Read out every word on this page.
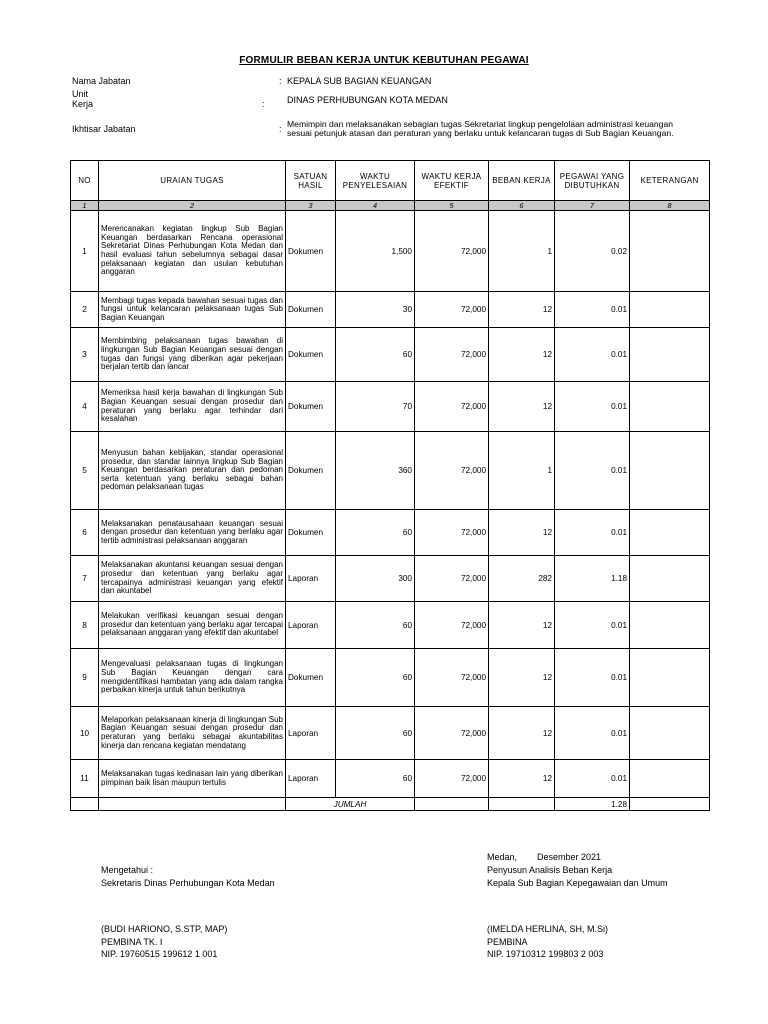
FORMULIR BEBAN KERJA UNTUK KEBUTUHAN PEGAWAI
Nama Jabatan	: KEPALA SUB BAGIAN KEUANGAN
Unit
Kerja	: DINAS PERHUBUNGAN KOTA MEDAN
Ikhtisar Jabatan	: Memimpin dan melaksanakan sebagian tugas Sekretariat lingkup pengelolaan administrasi keuangan
sesuai petunjuk atasan dan peraturan yang berlaku untuk kelancaran tugas di Sub Bagian Keuangan.
NO	URAIAN TUGAS	SATUAN HASIL	WAKTU PENYELESAIAN	WAKTU KERJA EFEKTIF	BEBAN KERJA	PEGAWAI YANG DIBUTUHKAN	KETERANGAN
1	2	3	4	5	6	7	8
1	Merencanakan kegiatan lingkup Sub Bagian Keuangan berdasarkan Rencana operasional Sekretariat Dinas Perhubungan Kota Medan dan hasil evaluasi tahun sebelumnya sebagai dasar pelaksanaan kegiatan dan usulan kebutuhan anggaran	Dokumen	1,500	72,000	1	0.02	
2	Membagi tugas kepada bawahan sesuai tugas dan fungsi untuk kelancaran pelaksanaan tugas Sub Bagian Keuangan	Dokumen	30	72,000	12	0.01	
3	Membimbing pelaksanaan tugas bawahan di lingkungan Sub Bagian Keuangan sesuai dengan tugas dan fungsi yang diberikan agar pekerjaan berjalan tertib dan lancar	Dokumen	60	72,000	12	0.01	
4	Memeriksa hasil kerja bawahan di lingkungan Sub Bagian Keuangan sesuai dengan prosedur dan peraturan yang berlaku agar terhindar dari kesalahan	Dokumen	70	72,000	12	0.01	
5	Menyusun bahan kebijakan, standar operasional prosedur, dan standar lainnya lingkup Sub Bagian Keuangan berdasarkan peraturan dan pedoman serta ketentuan yang berlaku sebagai bahan pedoman pelaksanaan tugas	Dokumen	360	72,000	1	0.01	
6	Melaksanakan penatausahaan keuangan sesuai dengan prosedur dan ketentuan yang berlaku agar tertib administrasi pelaksanaan anggaran	Dokumen	60	72,000	12	0.01	
7	Melaksanakan akuntansi keuangan sesuai dengan prosedur dan ketentuan yang berlaku agar tercapainya administrasi keuangan yang efektif dan akuntabel	Laporan	300	72,000	282	1.18	
8	Melakukan verifikasi keuangan sesuai dengan prosedur dan ketentuan yang berlaku agar tercapai pelaksanaan anggaran yang efektif dan akuntabel	Laporan	60	72,000	12	0.01	
9	Mengevaluasi pelaksanaan tugas di lingkungan Sub Bagian Keuangan dengan cara mengidentifikasi hambatan yang ada dalam rangka perbaikan kinerja untuk tahun berikutnya	Dokumen	60	72,000	12	0.01	
10	Melaporkan pelaksanaan kinerja di lingkungan Sub Bagian Keuangan sesuai dengan prosedur dan peraturan yang berlaku sebagai akuntabilitas kinerja dan rencana kegiatan mendatang	Laporan	60	72,000	12	0.01	
11	Melaksanakan tugas kedinasan lain yang diberikan pimpinan baik lisan maupun tertulis	Laporan	60	72,000	12	0.01	
		JUMLAH				1.28	
Medan, Desember 2021
Penyusun Analisis Beban Kerja
Kepala Sub Bagian Kepegawaian dan Umum
Mengetahui :
Sekretaris Dinas Perhubungan Kota Medan
(BUDI HARIONO, S.STP, MAP)
PEMBINA TK. I
NIP. 19760515 199612 1 001
(IMELDA HERLINA, SH, M.Si)
PEMBINA
NIP. 19710312 199803 2 003
